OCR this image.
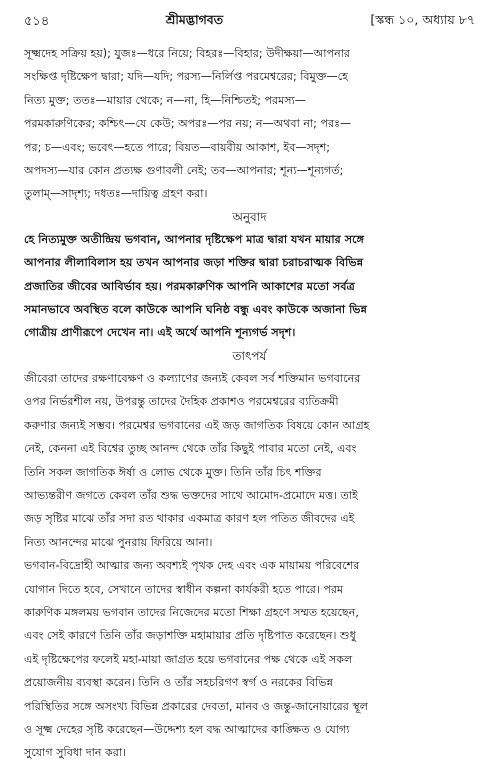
৫১৪	শ্রীমদ্ভাগবত	[স্কন্ধ ১০, অধ্যায় ৮৭
সূক্ষ্মদেহ সক্রিয় হয়); যুজঃ—ধরে নিয়ে; বিহরঃ—বিহার; উদীক্ষয়া—আপনার
সংক্ষিপ্ত দৃষ্টিক্ষেপ দ্বারা; যদি—যদি; পরস্য—নির্লিপ্ত পরমেশ্বরের; বিমুক্ত—হে
নিত্য মুক্ত; ততঃ—মায়ার থেকে; ন—না, হি—নিশ্চিতই; পরমস্য—
পরমকারুণিকের; কশ্চিৎ—যে কেউ; অপরঃ—পর নয়; ন—অথবা না; পরঃ—
পর; চ—এবং; ভবেৎ—হতে পারে; বিয়ত—বায়বীয় আকাশ, ইব—সদৃশ;
অপদস্য—যার কোন প্রত্যক্ষ গুণাবলী নেই; তব—আপনার; শূন্য—শূন্যগর্ত;
তুলাম্—সাদৃশ্য; দধতঃ—দায়িত্ব গ্রহণ করা।

অনুবাদ

হে নিত্যমুক্ত অতীন্দ্রিয় ভগবান, আপনার দৃষ্টিক্ষেপ মাত্র দ্বারা যখন মায়ার সঙ্গে
আপনার লীলাবিলাস হয় তখন আপনার জড়া শক্তির দ্বারা চরাচরাত্মক বিভিন্ন
প্রজাতির জীবের আবির্ভাব হয়। পরমকারুণিক আপনি আকাশের মতো সর্বত্র
সমানভাবে অবস্থিত বলে কাউকে আপনি ঘনিষ্ঠ বন্ধু এবং কাউকে অজানা ভিন্ন
গোত্রীয় প্রাণীরূপে দেখেন না। এই অর্থে আপনি শূন্যগর্ভ সদৃশ।

তাৎপর্য

জীবেরা তাদের রক্ষণাবেক্ষণ ও কল্যাণের জন্যই কেবল সর্ব শক্তিমান ভগবানের
ওপর নির্ভরশীল নয়, উপরন্তু তাদের দৈহিক প্রকাশও পরমেশ্বরের ব্যতিক্রমী
করুণার জন্যই সম্ভব। পরমেশ্বর ভগবানের এই জড় জাগতিক বিষয়ে কোন আগ্রহ
নেই, কেননা এই বিশ্বের তুচ্ছ আনন্দ থেকে তাঁর কিছুই পাবার মতো নেই, এবং
তিনি সকল জাগতিক ঈর্ষা ও লোভ থেকে মুক্ত। তিনি তাঁর চিৎ শক্তির
আভ্যন্তরীণ জগতে কেবল তাঁর শুদ্ধ ভক্তদের সাথে আমোদ-প্রমোদে মত্ত। তাই
জড় সৃষ্টির মাঝে তাঁর সদা রত থাকার একমাত্র কারণ হল পতিত জীবদের এই
নিত্য আনন্দের মাঝে পুনরায় ফিরিয়ে আনা।
ভগবান-বিদ্রোহী আত্মার জন্য অবশ্যই পৃথক দেহ এবং এক মায়াময় পরিবেশের
যোগান দিতে হবে, সেখানে তাদের স্বাধীন কল্পনা কার্যকরী হতে পারে। পরম
কারুণিক মঙ্গলময় ভগবান তাদের নিজেদের মতো শিক্ষা গ্রহণে সম্মত হয়েছেন,
এবং সেই কারণে তিনি তাঁর জড়াশক্তি মহামায়ার প্রতি দৃষ্টিপাত করেছেন। শুধু
এই দৃষ্টিক্ষেপের ফলেই মহা-মায়া জাগ্রত হয়ে ভগবানের পক্ষ থেকে এই সকল
প্রয়োজনীয় ব্যবস্থা করেন। তিনি ও তাঁর সহচরিগণ স্বর্গ ও নরকের বিভিন্ন
পরিস্থিতির সঙ্গে অসংখ্য বিভিন্ন প্রকারের দেবতা, মানব ও জন্তু-জানোয়ারের স্থূল
ও সূক্ষ্ম দেহের সৃষ্টি করেছেন—উদ্দেশ্য হল বদ্ধ আত্মাদের কাঙ্ক্ষিত ও যোগ্য
সুযোগ সুবিধা দান করা।
